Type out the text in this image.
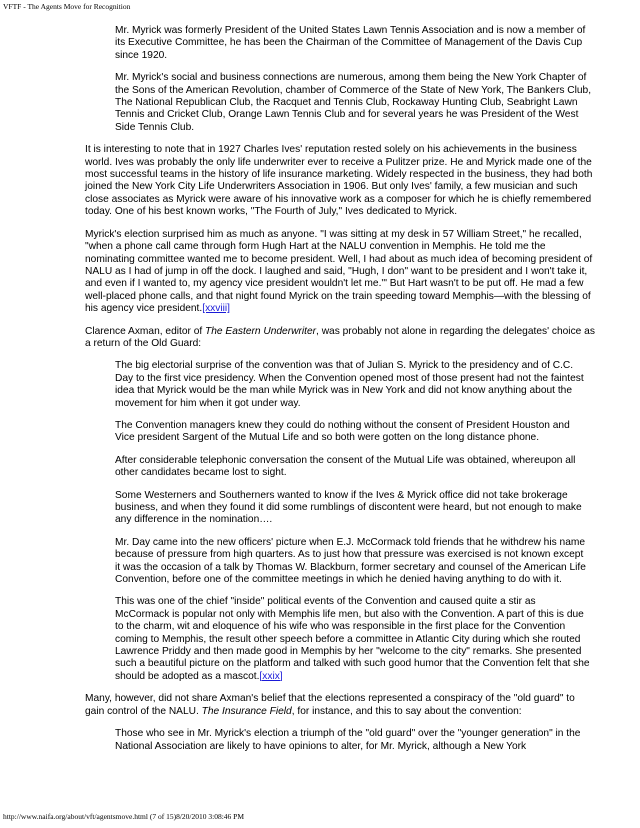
VFTF - The Agents Move for Recognition

Mr. Myrick was formerly President of the United States Lawn Tennis Association and is now a member of its Executive Committee, he has been the Chairman of the Committee of Management of the Davis Cup since 1920.

Mr. Myrick's social and business connections are numerous, among them being the New York Chapter of the Sons of the American Revolution, chamber of Commerce of the State of New York, The Bankers Club, The National Republican Club, the Racquet and Tennis Club, Rockaway Hunting Club, Seabright Lawn Tennis and Cricket Club, Orange Lawn Tennis Club and for several years he was President of the West Side Tennis Club.

It is interesting to note that in 1927 Charles Ives' reputation rested solely on his achievements in the business world. Ives was probably the only life underwriter ever to receive a Pulitzer prize. He and Myrick made one of the most successful teams in the history of life insurance marketing. Widely respected in the business, they had both joined the New York City Life Underwriters Association in 1906. But only Ives' family, a few musician and such close associates as Myrick were aware of his innovative work as a composer for which he is chiefly remembered today. One of his best known works, "The Fourth of July," Ives dedicated to Myrick.

Myrick's election surprised him as much as anyone. "I was sitting at my desk in 57 William Street," he recalled, "when a phone call came through form Hugh Hart at the NALU convention in Memphis. He told me the nominating committee wanted me to become president. Well, I had about as much idea of becoming president of NALU as I had of jump in off the dock. I laughed and said, "Hugh, I don" want to be president and I won't take it, and even if I wanted to, my agency vice president wouldn't let me.'" But Hart wasn't to be put off. He mad a few well-placed phone calls, and that night found Myrick on the train speeding toward Memphis—with the blessing of his agency vice president.[xxviii]

Clarence Axman, editor of The Eastern Underwriter, was probably not alone in regarding the delegates' choice as a return of the Old Guard:

The big electorial surprise of the convention was that of Julian S. Myrick to the presidency and of C.C. Day to the first vice presidency. When the Convention opened most of those present had not the faintest idea that Myrick would be the man while Myrick was in New York and did not know anything about the movement for him when it got under way.

The Convention managers knew they could do nothing without the consent of President Houston and Vice president Sargent of the Mutual Life and so both were gotten on the long distance phone.

After considerable telephonic conversation the consent of the Mutual Life was obtained, whereupon all other candidates became lost to sight.

Some Westerners and Southerners wanted to know if the Ives & Myrick office did not take brokerage business, and when they found it did some rumblings of discontent were heard, but not enough to make any difference in the nomination….

Mr. Day came into the new officers' picture when E.J. McCormack told friends that he withdrew his name because of pressure from high quarters. As to just how that pressure was exercised is not known except it was the occasion of a talk by Thomas W. Blackburn, former secretary and counsel of the American Life Convention, before one of the committee meetings in which he denied having anything to do with it.

This was one of the chief "inside" political events of the Convention and caused quite a stir as McCormack is popular not only with Memphis life men, but also with the Convention. A part of this is due to the charm, wit and eloquence of his wife who was responsible in the first place for the Convention coming to Memphis, the result other speech before a committee in Atlantic City during which she routed Lawrence Priddy and then made good in Memphis by her "welcome to the city" remarks. She presented such a beautiful picture on the platform and talked with such good humor that the Convention felt that she should be adopted as a mascot.[xxix]

Many, however, did not share Axman's belief that the elections represented a conspiracy of the "old guard" to gain control of the NALU. The Insurance Field, for instance, and this to say about the convention:

Those who see in Mr. Myrick's election a triumph of the "old guard" over the "younger generation" in the National Association are likely to have opinions to alter, for Mr. Myrick, although a New York

http://www.naifa.org/about/vft/agentsmove.html (7 of 15)8/20/2010 3:08:46 PM
